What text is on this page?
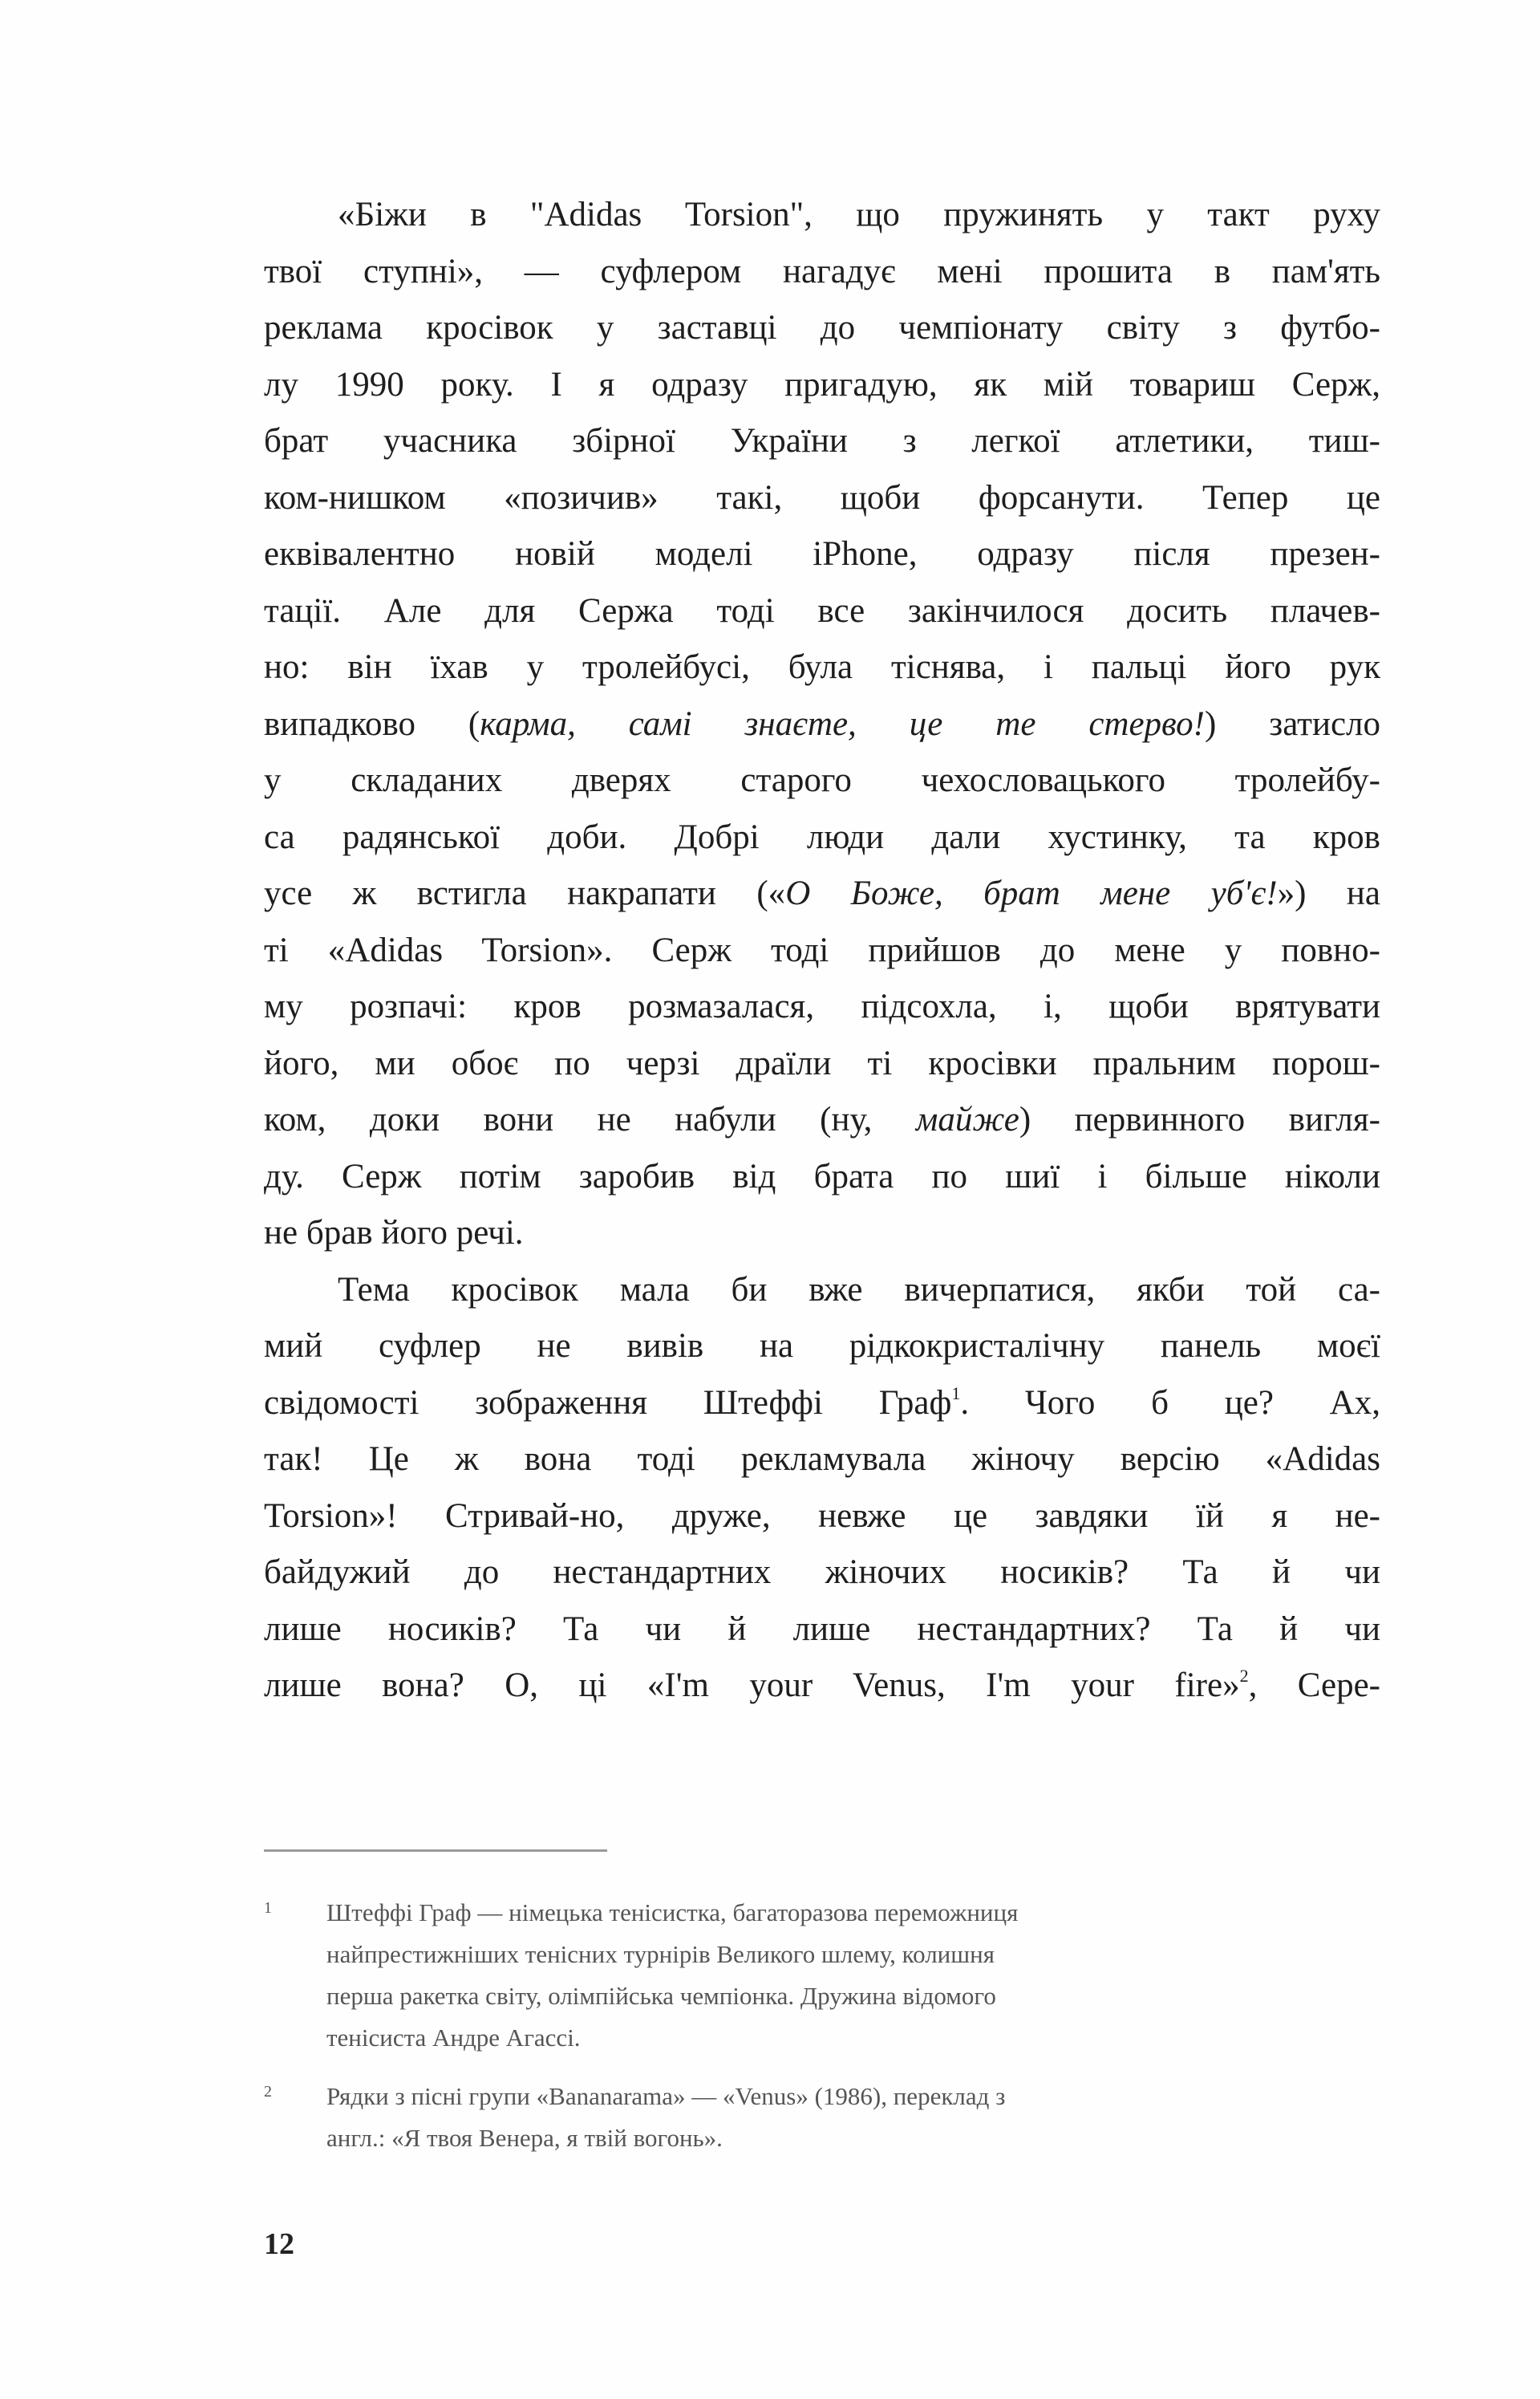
«Біжи в "Adidas Torsion", що пружинять у такт руху
твої ступні», — суфлером нагадує мені прошита в пам'ять
реклама кросівок у заставці до чемпіонату світу з футбо-
лу 1990 року. І я одразу пригадую, як мій товариш Серж,
брат учасника збірної України з легкої атлетики, тиш-
ком-нишком «позичив» такі, щоби форсанути. Тепер це
еквівалентно новій моделі iPhone, одразу після презен-
тації. Але для Сержа тоді все закінчилося досить плачев-
но: він їхав у тролейбусі, була тіснява, і пальці його рук
випадково (карма, самі знаєте, це те стерво!) затисло
у складаних дверях старого чехословацького тролейбу-
са радянської доби. Добрі люди дали хустинку, та кров
усе ж встигла накрапати («О Боже, брат мене уб'є!») на
ті «Adidas Torsion». Серж тоді прийшов до мене у повно-
му розпачі: кров розмазалася, підсохла, і, щоби врятувати
його, ми обоє по черзі драїли ті кросівки пральним порош-
ком, доки вони не набули (ну, майже) первинного вигля-
ду. Серж потім заробив від брата по шиї і більше ніколи
не брав його речі.
Тема кросівок мала би вже вичерпатися, якби той са-
мий суфлер не вивів на рідкокристалічну панель моєї
свідомості зображення Штеффі Граф$^1$. Чого б це? Ах,
так! Це ж вона тоді рекламувала жіночу версію «Adidas
Torsion»! Стривай-но, друже, невже це завдяки їй я не-
байдужий до нестандартних жіночих носиків? Та й чи
лише носиків? Та чи й лише нестандартних? Та й чи
лише вона? О, ці «I'm your Venus, I'm your fire»$^2$, Сере-
1 Штеффі Граф — німецька тенісистка, багаторазова переможниця
найпрестижніших тенісних турнірів Великого шлему, колишня
перша ракетка світу, олімпійська чемпіонка. Дружина відомого
тенісиста Андре Агассі.
2 Рядки з пісні групи «Bananarama» — «Venus» (1986), переклад з
англ.: «Я твоя Венера, я твій вогонь».
12
